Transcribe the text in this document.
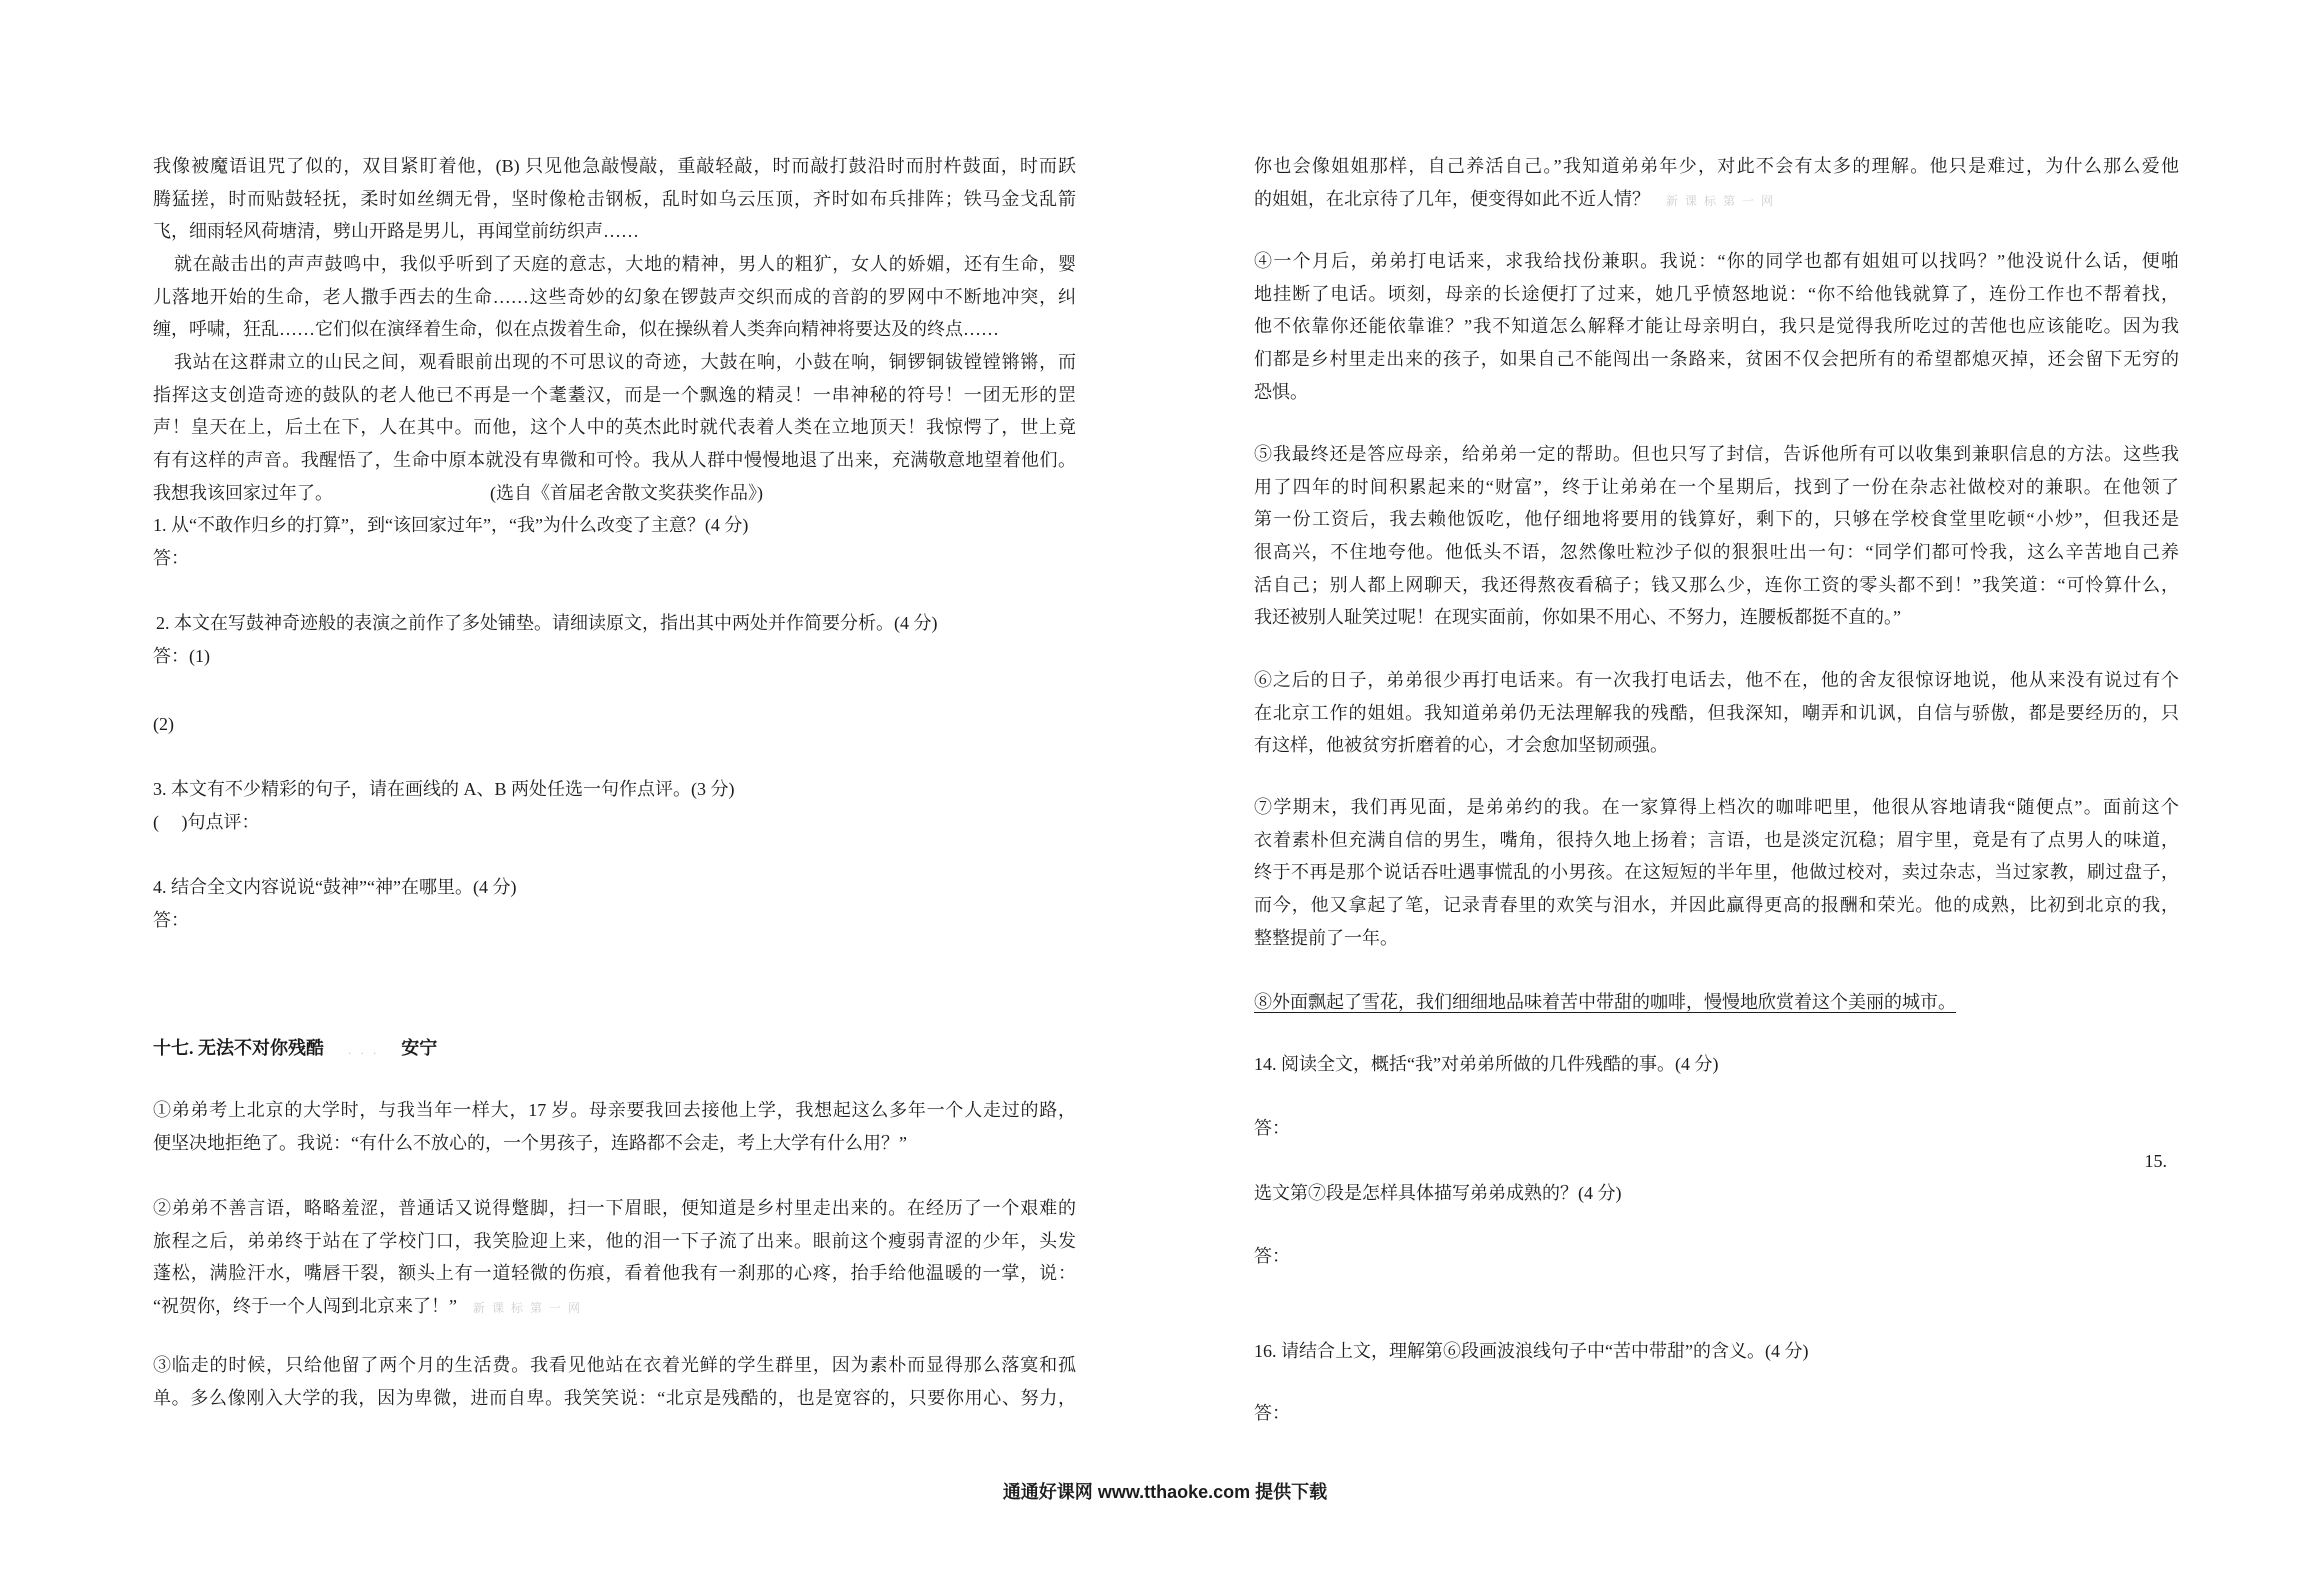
我像被魔语诅咒了似的，双目紧盯着他，(B) 只见他急敲慢敲，重敲轻敲，时而敲打鼓沿时而肘杵鼓面，时而跃
腾猛搓，时而贴鼓轻抚，柔时如丝绸无骨，坚时像枪击钢板，乱时如乌云压顶，齐时如布兵排阵；铁马金戈乱箭
飞，细雨轻风荷塘清，劈山开路是男儿，再闻堂前纺织声……
就在敲击出的声声鼓鸣中，我似乎听到了天庭的意志，大地的精神，男人的粗犷，女人的娇媚，还有生命，婴
儿落地开始的生命，老人撒手西去的生命……这些奇妙的幻象在锣鼓声交织而成的音韵的罗网中不断地冲突，纠
缠，呼啸，狂乱……它们似在演绎着生命，似在点拨着生命，似在操纵着人类奔向精神将要达及的终点……
我站在这群肃立的山民之间，观看眼前出现的不可思议的奇迹，大鼓在响，小鼓在响，铜锣铜钹镗镗锵锵，而
指挥这支创造奇迹的鼓队的老人他已不再是一个耄耋汉，而是一个飘逸的精灵！一串神秘的符号！一团无形的罡
声！皇天在上，后土在下，人在其中。而他，这个人中的英杰此时就代表着人类在立地顶天！我惊愕了，世上竟
有有这样的声音。我醒悟了，生命中原本就没有卑微和可怜。我从人群中慢慢地退了出来，充满敬意地望着他们。
我想我该回家过年了。	(选自《首届老舍散文奖获奖作品》)
1. 从“不敢作归乡的打算”，到“该回家过年”，“我”为什么改变了主意？(4 分)
答：
2. 本文在写鼓神奇迹般的表演之前作了多处铺垫。请细读原文，指出其中两处并作简要分析。(4 分)
答：(1)
(2)
3. 本文有不少精彩的句子，请在画线的 A、B 两处任选一句作点评。(3 分)
(     )句点评：
4. 结合全文内容说说“鼓神”“神”在哪里。(4 分)
答：
十七. 无法不对你残酷 . . . 安宁
①弟弟考上北京的大学时，与我当年一样大，17 岁。母亲要我回去接他上学，我想起这么多年一个人走过的路，
便坚决地拒绝了。我说：“有什么不放心的，一个男孩子，连路都不会走，考上大学有什么用？”
②弟弟不善言语，略略羞涩，普通话又说得蹩脚，扫一下眉眼，便知道是乡村里走出来的。在经历了一个艰难的
旅程之后，弟弟终于站在了学校门口，我笑脸迎上来，他的泪一下子流了出来。眼前这个瘦弱青涩的少年，头发
蓬松，满脸汗水，嘴唇干裂，额头上有一道轻微的伤痕，看着他我有一刹那的心疼，抬手给他温暖的一掌，说：
“祝贺你，终于一个人闯到北京来了！” 新 课 标 第 一 网
③临走的时候，只给他留了两个月的生活费。我看见他站在衣着光鲜的学生群里，因为素朴而显得那么落寞和孤
单。多么像刚入大学的我，因为卑微，进而自卑。我笑笑说：“北京是残酷的，也是宽容的，只要你用心、努力，
你也会像姐姐那样，自己养活自己。”我知道弟弟年少，对此不会有太多的理解。他只是难过，为什么那么爱他
的姐姐，在北京待了几年，便变得如此不近人情？ 新 课 标 第 一 网
④一个月后，弟弟打电话来，求我给找份兼职。我说：“你的同学也都有姐姐可以找吗？”他没说什么话，便啪
地挂断了电话。顷刻，母亲的长途便打了过来，她几乎愤怒地说：“你不给他钱就算了，连份工作也不帮着找，
他不依靠你还能依靠谁？”我不知道怎么解释才能让母亲明白，我只是觉得我所吃过的苦他也应该能吃。因为我
们都是乡村里走出来的孩子，如果自己不能闯出一条路来，贫困不仅会把所有的希望都熄灭掉，还会留下无穷的
恐惧。
⑤我最终还是答应母亲，给弟弟一定的帮助。但也只写了封信，告诉他所有可以收集到兼职信息的方法。这些我
用了四年的时间积累起来的“财富”，终于让弟弟在一个星期后，找到了一份在杂志社做校对的兼职。在他领了
第一份工资后，我去赖他饭吃，他仔细地将要用的钱算好，剩下的，只够在学校食堂里吃顿“小炒”，但我还是
很高兴，不住地夸他。他低头不语，忽然像吐粒沙子似的狠狠吐出一句：“同学们都可怜我，这么辛苦地自己养
活自己；别人都上网聊天，我还得熬夜看稿子；钱又那么少，连你工资的零头都不到！”我笑道：“可怜算什么，
我还被别人耻笑过呢！在现实面前，你如果不用心、不努力，连腰板都挺不直的。”
⑥之后的日子，弟弟很少再打电话来。有一次我打电话去，他不在，他的舍友很惊讶地说，他从来没有说过有个
在北京工作的姐姐。我知道弟弟仍无法理解我的残酷，但我深知，嘲弄和讥讽，自信与骄傲，都是要经历的，只
有这样，他被贫穷折磨着的心，才会愈加坚韧顽强。
⑦学期末，我们再见面，是弟弟约的我。在一家算得上档次的咖啡吧里，他很从容地请我“随便点”。面前这个
衣着素朴但充满自信的男生，嘴角，很持久地上扬着；言语，也是淡定沉稳；眉宇里，竟是有了点男人的味道，
终于不再是那个说话吞吐遇事慌乱的小男孩。在这短短的半年里，他做过校对，卖过杂志，当过家教，刷过盘子，
而今，他又拿起了笔，记录青春里的欢笑与泪水，并因此赢得更高的报酬和荣光。他的成熟，比初到北京的我，
整整提前了一年。
⑧外面飘起了雪花，我们细细地品味着苦中带甜的咖啡，慢慢地欣赏着这个美丽的城市。
14. 阅读全文，概括“我”对弟弟所做的几件残酷的事。(4 分)
答：
15.
选文第⑦段是怎样具体描写弟弟成熟的？(4 分)
答：
16. 请结合上文，理解第⑥段画波浪线句子中“苦中带甜”的含义。(4 分)
答：
通通好课网 www.tthaoke.com 提供下载
